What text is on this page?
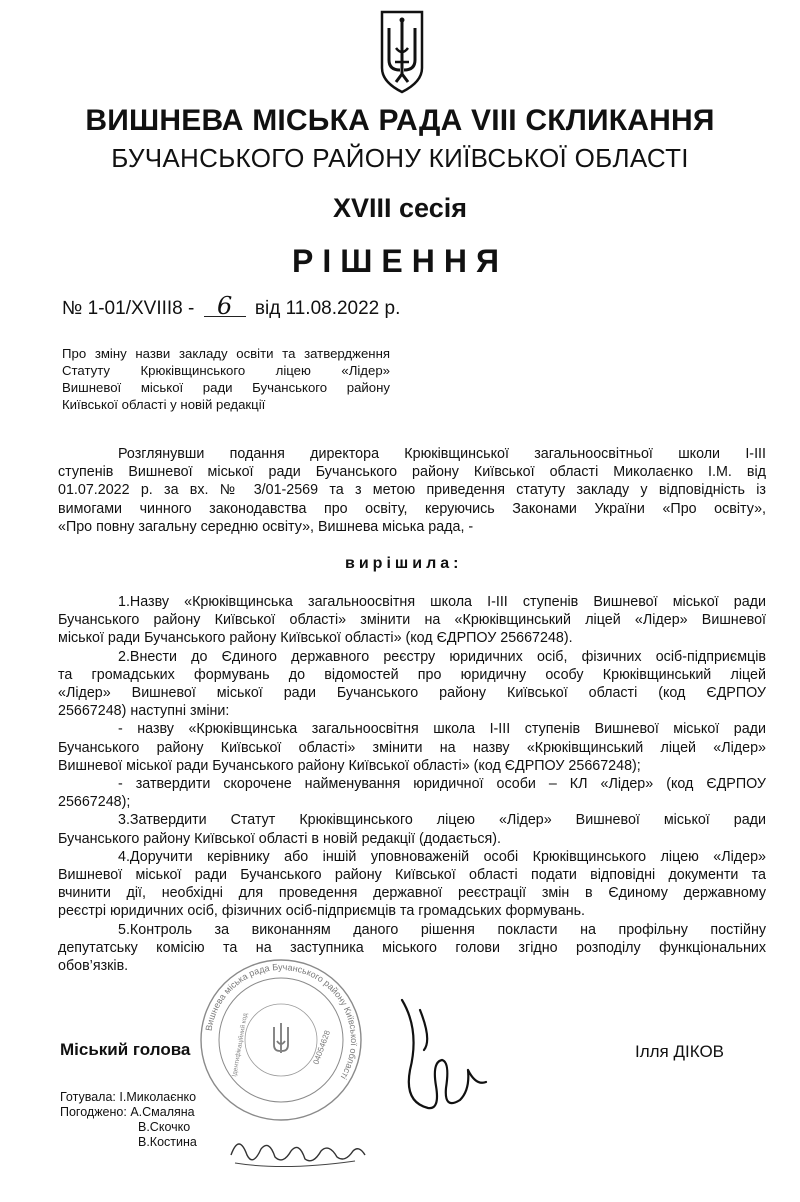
ВИШНЕВА МІСЬКА РАДА VIII СКЛИКАННЯ
БУЧАНСЬКОГО РАЙОНУ КИЇВСЬКОЇ ОБЛАСТІ
XVIII сесія
РІШЕННЯ
№ 1-01/XVIII8 - 6 від 11.08.2022 р.
Про зміну назви закладу освіти та затвердження
Статуту Крюківщинського ліцею «Лідер»
Вишневої міської ради Бучанського району
Київської області у новій редакції
Розглянувши подання директора Крюківщинської загальноосвітньої школи І-ІІІ
ступенів Вишневої міської ради Бучанського району Київської області Миколаєнко І.М. від
01.07.2022 р. за вх. № 3/01-2569 та з метою приведення статуту закладу у відповідність із
вимогами чинного законодавства про освіту, керуючись Законами України «Про освіту»,
«Про повну загальну середню освіту», Вишнева міська рада, -
вирішила:
1.Назву «Крюківщинська загальноосвітня школа І-ІІІ ступенів Вишневої міської ради
Бучанського району Київської області» змінити на «Крюківщинський ліцей «Лідер» Вишневої
міської ради Бучанського району Київської області» (код ЄДРПОУ 25667248).
2.Внести до Єдиного державного реєстру юридичних осіб, фізичних осіб-підприємців
та громадських формувань до відомостей про юридичну особу Крюківщинський ліцей
«Лідер» Вишневої міської ради Бучанського району Київської області (код ЄДРПОУ
25667248) наступні зміни:
- назву «Крюківщинська загальноосвітня школа І-ІІІ ступенів Вишневої міської ради
Бучанського району Київської області» змінити на назву «Крюківщинський ліцей «Лідер»
Вишневої міської ради Бучанського району Київської області» (код ЄДРПОУ 25667248);
- затвердити скорочене найменування юридичної особи – КЛ «Лідер» (код ЄДРПОУ
25667248);
3.Затвердити Статут Крюківщинського ліцею «Лідер» Вишневої міської ради
Бучанського району Київської області в новій редакції (додається).
4.Доручити керівнику або іншій уповноваженій особі Крюківщинського ліцею «Лідер»
Вишневої міської ради Бучанського району Київської області подати відповідні документи та
вчинити дії, необхідні для проведення державної реєстрації змін в Єдиному державному
реєстрі юридичних осіб, фізичних осіб-підприємців та громадських формувань.
5.Контроль за виконанням даного рішення покласти на профільну постійну
депутатську комісію та на заступника міського голови згідно розподілу функціональних
обов’язків.
Вишнева міська рада Бучанського району Київської області
04054628
Ідентифікаційний код
Міський голова	Ілля ДІКОВ
Готувала: І.Миколаєнко
Погоджено: А.Смаляна
В.Скочко
В.Костина
